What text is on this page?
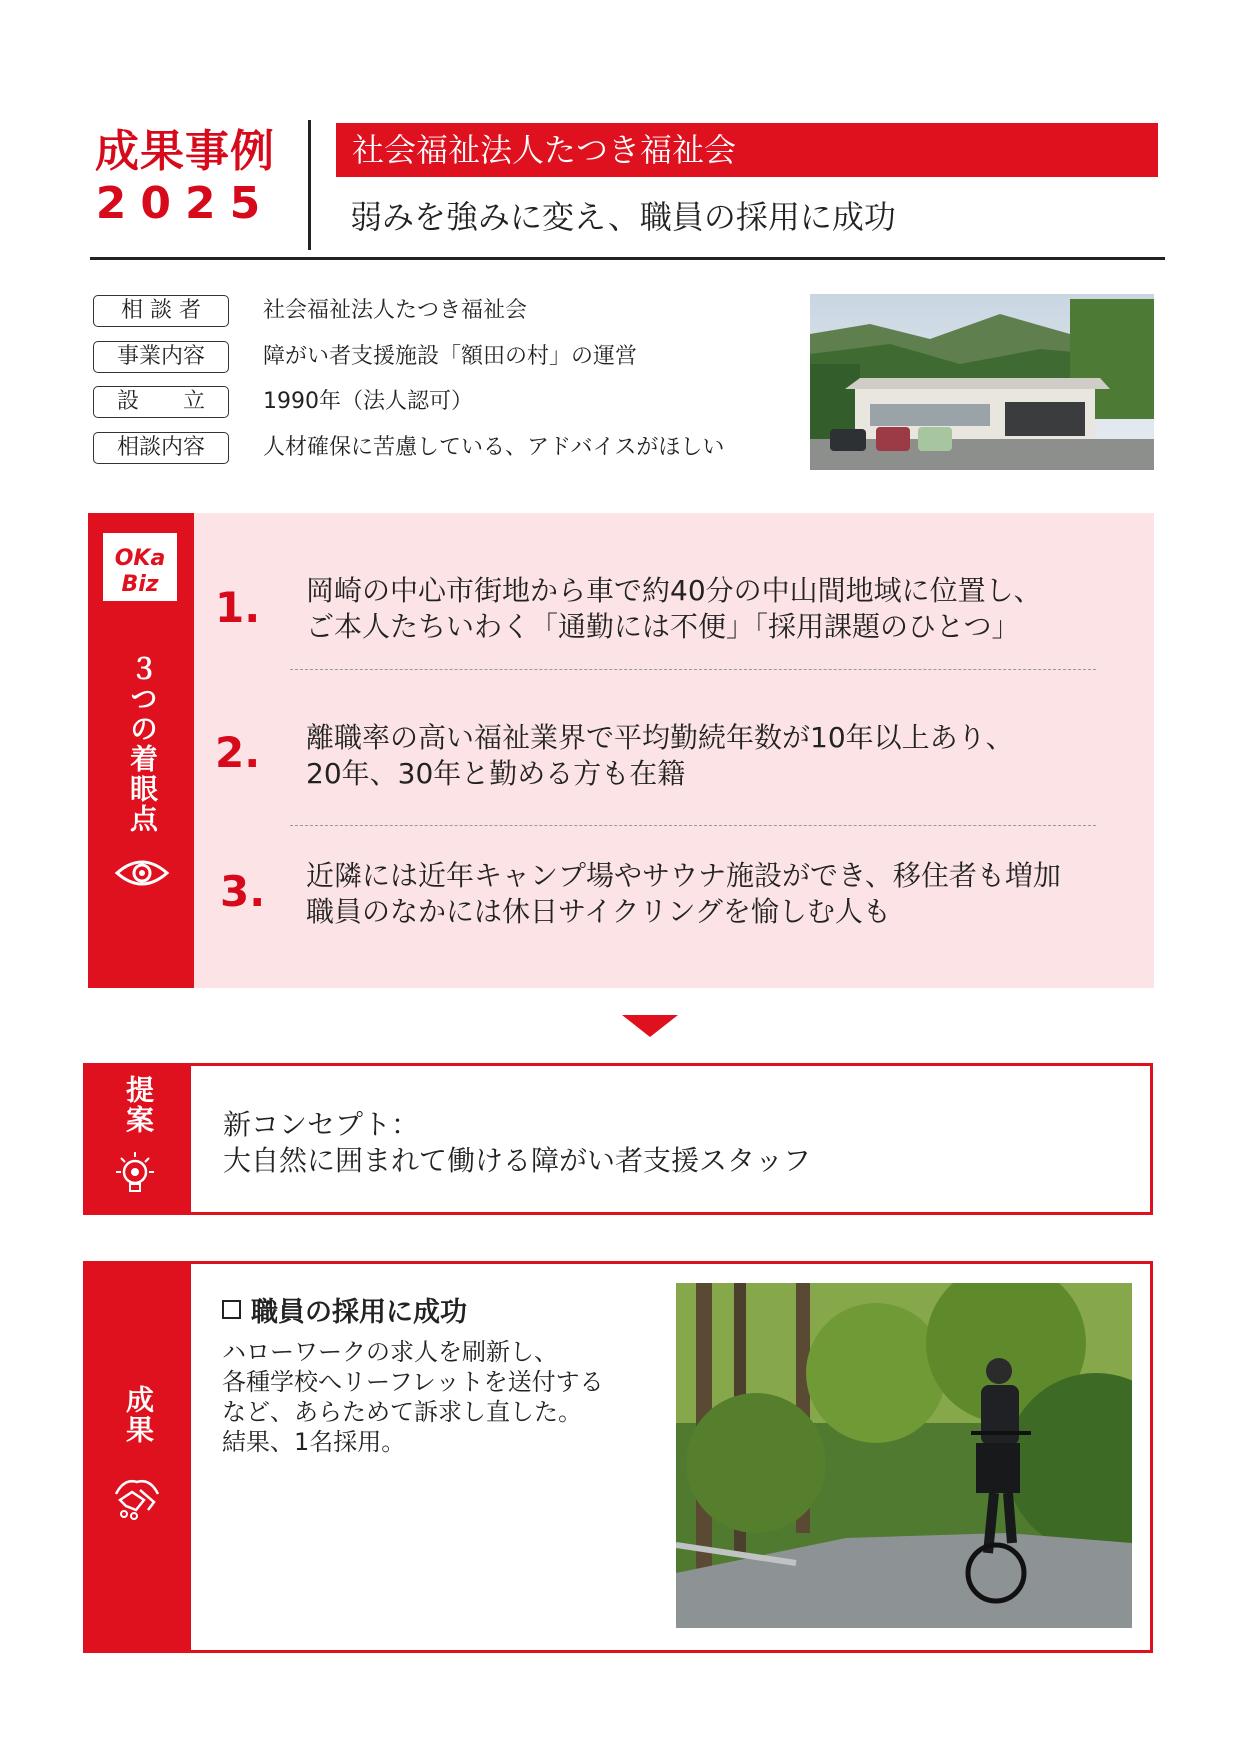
成果事例
2025
社会福祉法人たつき福祉会
弱みを強みに変え、職員の採用に成功
相 談 者	社会福祉法人たつき福祉会
事業内容	障がい者支援施設「額田の村」の運営
設　　立	1990年（法人認可）
相談内容	人材確保に苦慮している、アドバイスがほしい
OKa
Biz
３つの着眼点
1. 岡崎の中心市街地から車で約40分の中山間地域に位置し、
ご本人たちいわく「通勤には不便」「採用課題のひとつ」
2. 離職率の高い福祉業界で平均勤続年数が10年以上あり、
20年、30年と勤める方も在籍
3. 近隣には近年キャンプ場やサウナ施設ができ、移住者も増加
職員のなかには休日サイクリングを愉しむ人も
提案 新コンセプト：
大自然に囲まれて働ける障がい者支援スタッフ
成果
職員の採用に成功
ハローワークの求人を刷新し、
各種学校へリーフレットを送付する
など、あらためて訴求し直した。
結果、1名採用。
